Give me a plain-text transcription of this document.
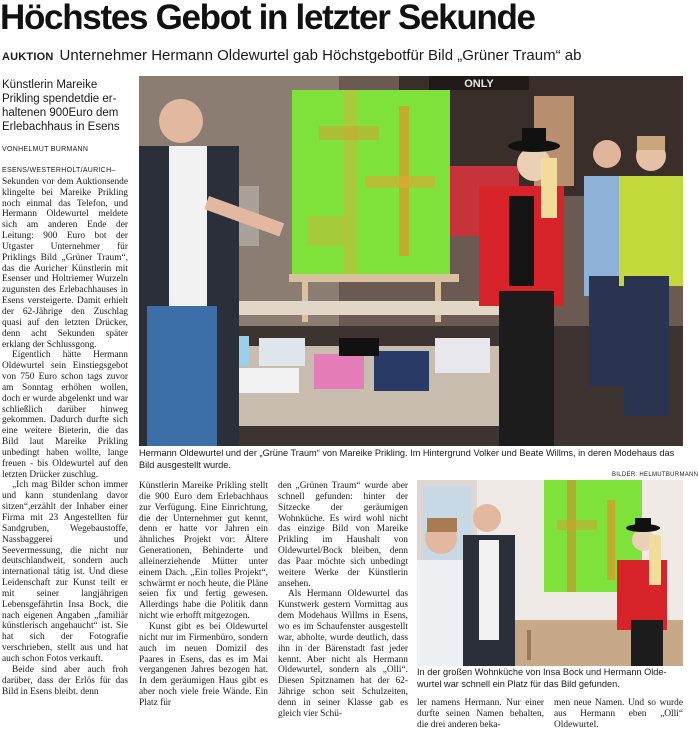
Höchstes Gebot in letzter Sekunde
AUKTION Unternehmer Hermann Oldewurtel gab Höchstgebotfür Bild „Grüner Traum“ ab
Künstlerin Mareike Prikling spendetdie erhaltenen 900Euro dem Erlebachhaus in Esens
VONHELMUT BURMANN

ESENS/WESTERHOLT/AURICH–Sekunden vor dem Auktionsende klingelte bei Mareike Prikling noch einmal das Telefon, und Hermann Oldewurtel meldete sich am anderen Ende der Leitung: 900 Euro bot der Utgaster Unternehmer für Priklings Bild „Grüner Traum“, das die Auricher Künstlerin mit Esenser und Holtriemer Wurzeln zugunsten des Erlebachhauses in Esens versteigerte. Damit erhielt der 62-Jährige den Zuschlag quasi auf den letzten Drücker, denn acht Sekunden später erklang der Schlussgong.

Eigentlich hätte Hermann Oldewurtel sein Einstiegsgebot von 750 Euro schon tags zuvor am Sonntag erhöhen wollen, doch er wurde abgelenkt und war schließlich darüber hinweg gekommen. Dadurch durfte sich eine weitere Bieterin, die das Bild laut Mareike Prikling unbedingt haben wollte, lange freuen - bis Oldewurtel auf den letzten Drücker zuschlug.

„Ich mag Bilder schon immer und kann stundenlang davor sitzen“,erzählt der Inhaber einer Firma mit 23 Angestellten für Sandgruben, Wegebaustoffe, Nassbaggerei und Seevermessung, die nicht nur deutschlandweit, sondern auch international tätig ist. Und diese Leidenschaft zur Kunst teilt er mit seiner langjährigen Lebensgefährtin Insa Bock, die nach eigenen Angaben „familiär künstlerisch angehaucht“ ist. Sie hat sich der Fotografie verschrieben, stellt aus und hat auch schon Fotos verkauft.

Beide sind aber auch froh darüber, dass der Erlös für das Bild in Esens bleibt. denn

ONLY
Hermann Oldewurtel und der „Grüne Traum“ von Mareike Prikling. Im Hintergrund Volker und Beate Willms, in deren Modehaus das Bild ausgestellt wurde.
BILDER: HELMUTBURMANN

Künstlerin Mareike Prikling stellt die 900 Euro dem Erlebachhaus zur Verfügung. Eine Einrichtung, die der Unternehmer gut kennt, denn er hatte vor Jahren ein ähnliches Projekt vor: Ältere Generationen, Behinderte und alleinerziehende Mütter unter einem Dach. „Ein tolles Projekt“, schwärmt er noch heute, die Pläne seien fix und fertig gewesen. Allerdings habe die Politik dann nicht wie erhofft mitgezogen.

Kunst gibt es bei Oldewurtel nicht nur im Firmenbüro, sondern auch im neuen Domizil des Paares in Esens, das es im Mai vergangenen Jahres bezogen hat. In dem geräumigen Haus gibt es aber noch viele freie Wände. Ein Platz für

den „Grünen Traum“ wurde aber schnell gefunden: hinter der Sitzecke der geräumigen Wohnküche. Es wird wohl nicht das einzige Bild von Mareike Prikling im Haushalt von Oldewurtel/Bock bleiben, denn das Paar möchte sich unbedingt weitere Werke der Künstlerin ansehen.

Als Hermann Oldewurtel das Kunstwerk gestern Vormittag aus dem Modehaus Willms in Esens, wo es im Schaufenster ausgestellt war, abholte, wurde deutlich, dass ihn in der Bärenstadt fast jeder kennt. Aber nicht als Hermann Oldewurtel, sondern als „Olli“. Diesen Spitznamen hat der 62-Jährige schon seit Schulzeiten, denn in seiner Klasse gab es gleich vier Schü-

In der großen Wohnküche von Insa Bock und Hermann Oldewurtel war schnell ein Platz für das Bild gefunden.

ler namens Hermann. Nur einer durfte seinen Namen behalten, die drei anderen beka-

men neue Namen. Und so wurde aus Hermann eben „Olli“ Oldewurtel.
